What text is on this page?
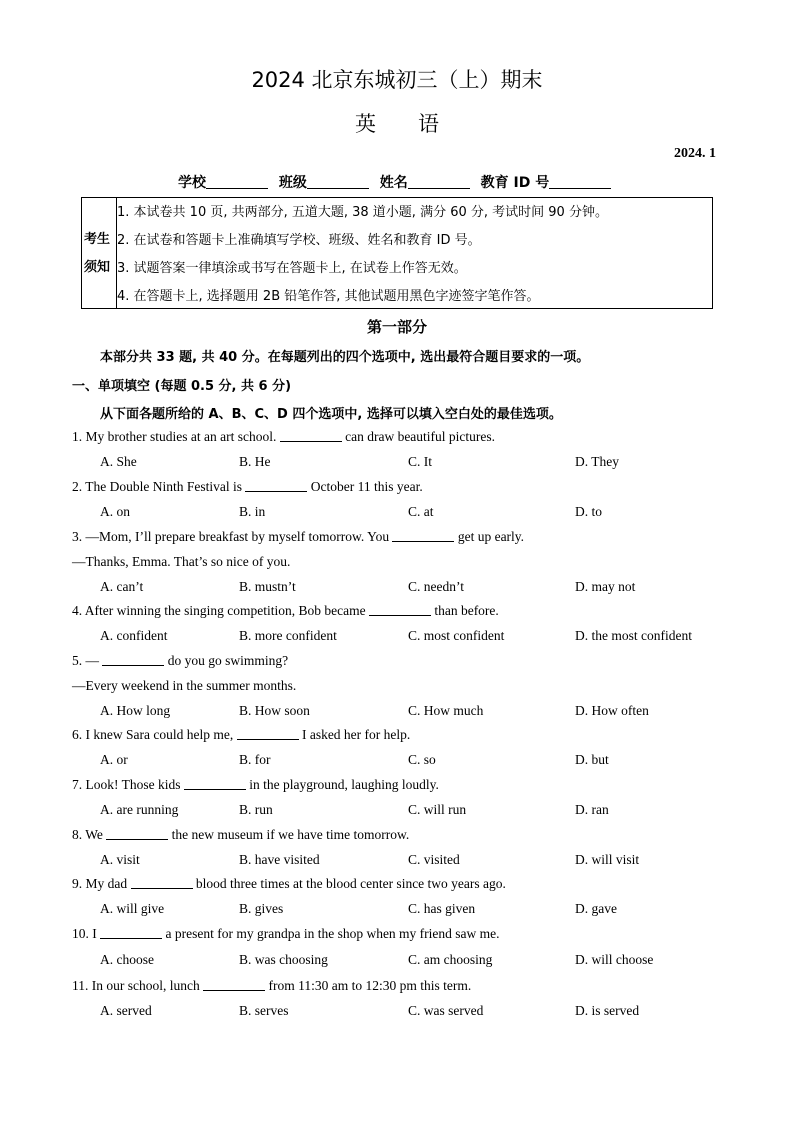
2024 北京东城初三（上）期末
英　　语
2024. 1
学校	班级	姓名	教育 ID 号
考生
须知
1. 本试卷共 10 页, 共两部分, 五道大题, 38 道小题, 满分 60 分, 考试时间 90 分钟。
2. 在试卷和答题卡上准确填写学校、班级、姓名和教育 ID 号。
3. 试题答案一律填涂或书写在答题卡上, 在试卷上作答无效。
4. 在答题卡上, 选择题用 2B 铅笔作答, 其他试题用黑色字迹签字笔作答。
第一部分
本部分共 33 题, 共 40 分。在每题列出的四个选项中, 选出最符合题目要求的一项。
一、单项填空 (每题 0.5 分, 共 6 分)
从下面各题所给的 A、B、C、D 四个选项中, 选择可以填入空白处的最佳选项。
1. My brother studies at an art school.	can draw beautiful pictures.
A. She	B. He	C. It	D. They
2. The Double Ninth Festival is	October 11 this year.
A. on	B. in	C. at	D. to
3. —Mom, I’ll prepare breakfast by myself tomorrow. You	get up early.
—Thanks, Emma. That’s so nice of you.
A. can’t	B. mustn’t	C. needn’t	D. may not
4. After winning the singing competition, Bob became	than before.
A. confident	B. more confident	C. most confident	D. the most confident
5. —	do you go swimming?
—Every weekend in the summer months.
A. How long	B. How soon	C. How much	D. How often
6. I knew Sara could help me,	I asked her for help.
A. or	B. for	C. so	D. but
7. Look! Those kids	in the playground, laughing loudly.
A. are running	B. run	C. will run	D. ran
8. We	the new museum if we have time tomorrow.
A. visit	B. have visited	C. visited	D. will visit
9. My dad	blood three times at the blood center since two years ago.
A. will give	B. gives	C. has given	D. gave
10. I	a present for my grandpa in the shop when my friend saw me.
A. choose	B. was choosing	C. am choosing	D. will choose
11. In our school, lunch	from 11:30 am to 12:30 pm this term.
A. served	B. serves	C. was served	D. is served
